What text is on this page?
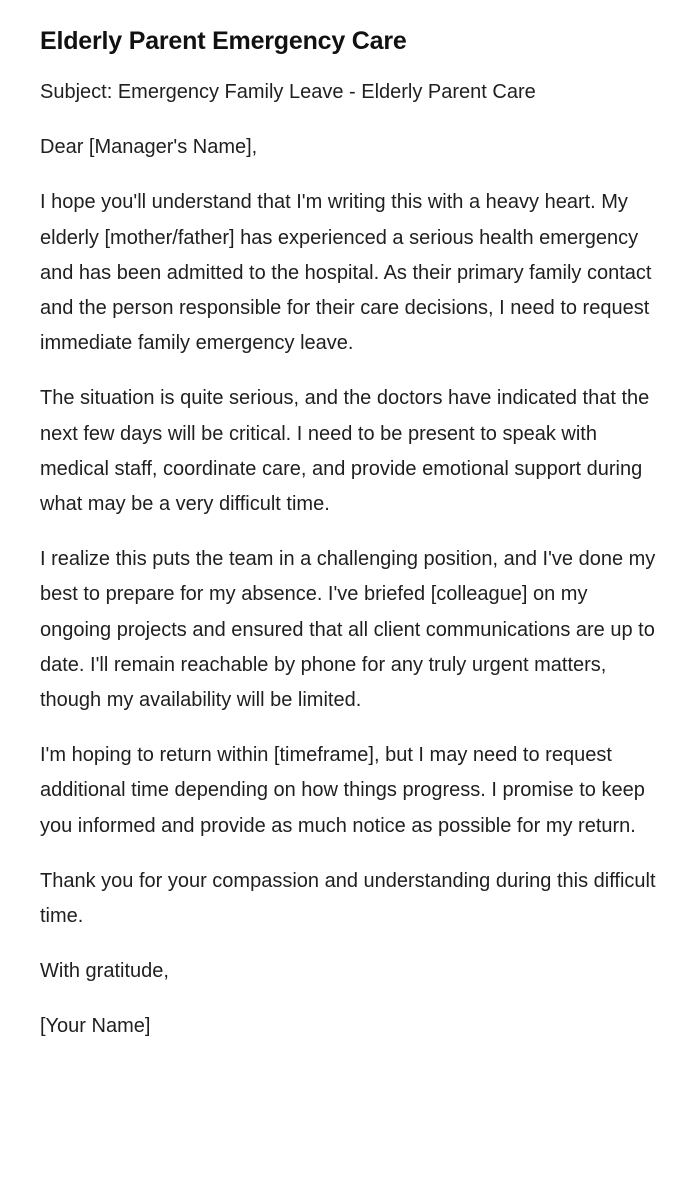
Elderly Parent Emergency Care

Subject: Emergency Family Leave - Elderly Parent Care

Dear [Manager's Name],

I hope you'll understand that I'm writing this with a heavy heart. My elderly [mother/father] has experienced a serious health emergency and has been admitted to the hospital. As their primary family contact and the person responsible for their care decisions, I need to request immediate family emergency leave.

The situation is quite serious, and the doctors have indicated that the next few days will be critical. I need to be present to speak with medical staff, coordinate care, and provide emotional support during what may be a very difficult time.

I realize this puts the team in a challenging position, and I've done my best to prepare for my absence. I've briefed [colleague] on my ongoing projects and ensured that all client communications are up to date. I'll remain reachable by phone for any truly urgent matters, though my availability will be limited.

I'm hoping to return within [timeframe], but I may need to request additional time depending on how things progress. I promise to keep you informed and provide as much notice as possible for my return.

Thank you for your compassion and understanding during this difficult time.

With gratitude,

[Your Name]
